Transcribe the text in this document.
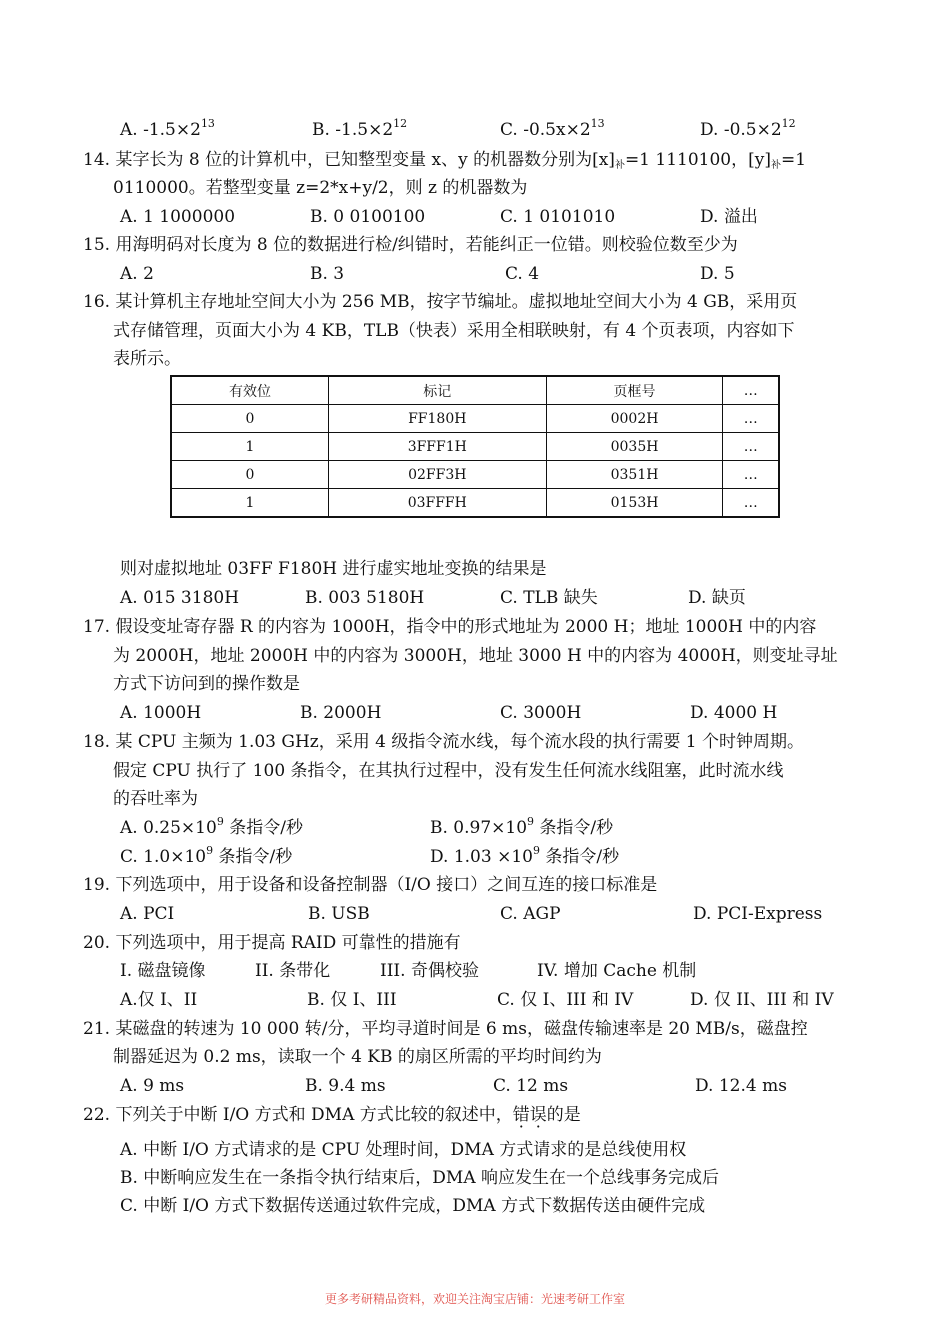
A. $-1.5\times 2^{13}$	B. $-1.5\times 2^{12}$	C. $-0.5x\times 2^{13}$	D. $-0.5\times 2^{12}$
14. 某字长为 8 位的计算机中，已知整型变量 x、y 的机器数分别为$[x]_补=1$ 1110100，$[y]_补=1$
0110000。若整型变量 z=2*x+y/2，则 z 的机器数为
A. 1 1000000	B. 0 0100100	C. 1 0101010	D. 溢出
15. 用海明码对长度为 8 位的数据进行检/纠错时，若能纠正一位错。则校验位数至少为
A. 2	B. 3	C. 4	D. 5
16. 某计算机主存地址空间大小为 256 MB，按字节编址。虚拟地址空间大小为 4 GB，采用页
式存储管理，页面大小为 4 KB，TLB（快表）采用全相联映射，有 4 个页表项，内容如下
表所示。
有效位	标记	页框号	…
0	FF180H	0002H	…
1	3FFF1H	0035H	…
0	02FF3H	0351H	…
1	03FFFH	0153H	…
则对虚拟地址 03FF F180H 进行虚实地址变换的结果是
A. 015 3180H	B. 003 5180H	C. TLB 缺失	D. 缺页
17. 假设变址寄存器 R 的内容为 1000H，指令中的形式地址为 2000 H；地址 1000H 中的内容
为 2000H，地址 2000H 中的内容为 3000H，地址 3000 H 中的内容为 4000H，则变址寻址
方式下访问到的操作数是
A. 1000H	B. 2000H	C. 3000H	D. 4000 H
18. 某 CPU 主频为 1.03 GHz，采用 4 级指令流水线，每个流水段的执行需要 1 个时钟周期。
假定 CPU 执行了 100 条指令，在其执行过程中，没有发生任何流水线阻塞，此时流水线
的吞吐率为
A. $0.25\times 10^9$ 条指令/秒	B. $0.97\times 10^9$ 条指令/秒
C. $1.0\times 10^9$ 条指令/秒	D. $1.03 \times 10^9$ 条指令/秒
19. 下列选项中，用于设备和设备控制器（I/O 接口）之间互连的接口标准是
A. PCI	B. USB	C. AGP	D. PCI-Express
20. 下列选项中，用于提高 RAID 可靠性的措施有
I. 磁盘镜像	II. 条带化	III. 奇偶校验	IV. 增加 Cache 机制
A.仅 I、II	B. 仅 I、III	C. 仅 I、III 和 IV	D. 仅 II、III 和 IV
21. 某磁盘的转速为 10 000 转/分，平均寻道时间是 6 ms，磁盘传输速率是 20 MB/s，磁盘控
制器延迟为 0.2 ms，读取一个 4 KB 的扇区所需的平均时间约为
A. 9 ms	B. 9.4 ms	C. 12 ms	D. 12.4 ms
22. 下列关于中断 I/O 方式和 DMA 方式比较的叙述中，错误的是
A. 中断 I/O 方式请求的是 CPU 处理时间，DMA 方式请求的是总线使用权
B. 中断响应发生在一条指令执行结束后，DMA 响应发生在一个总线事务完成后
C. 中断 I/O 方式下数据传送通过软件完成，DMA 方式下数据传送由硬件完成
更多考研精品资料，欢迎关注淘宝店铺：光速考研工作室
